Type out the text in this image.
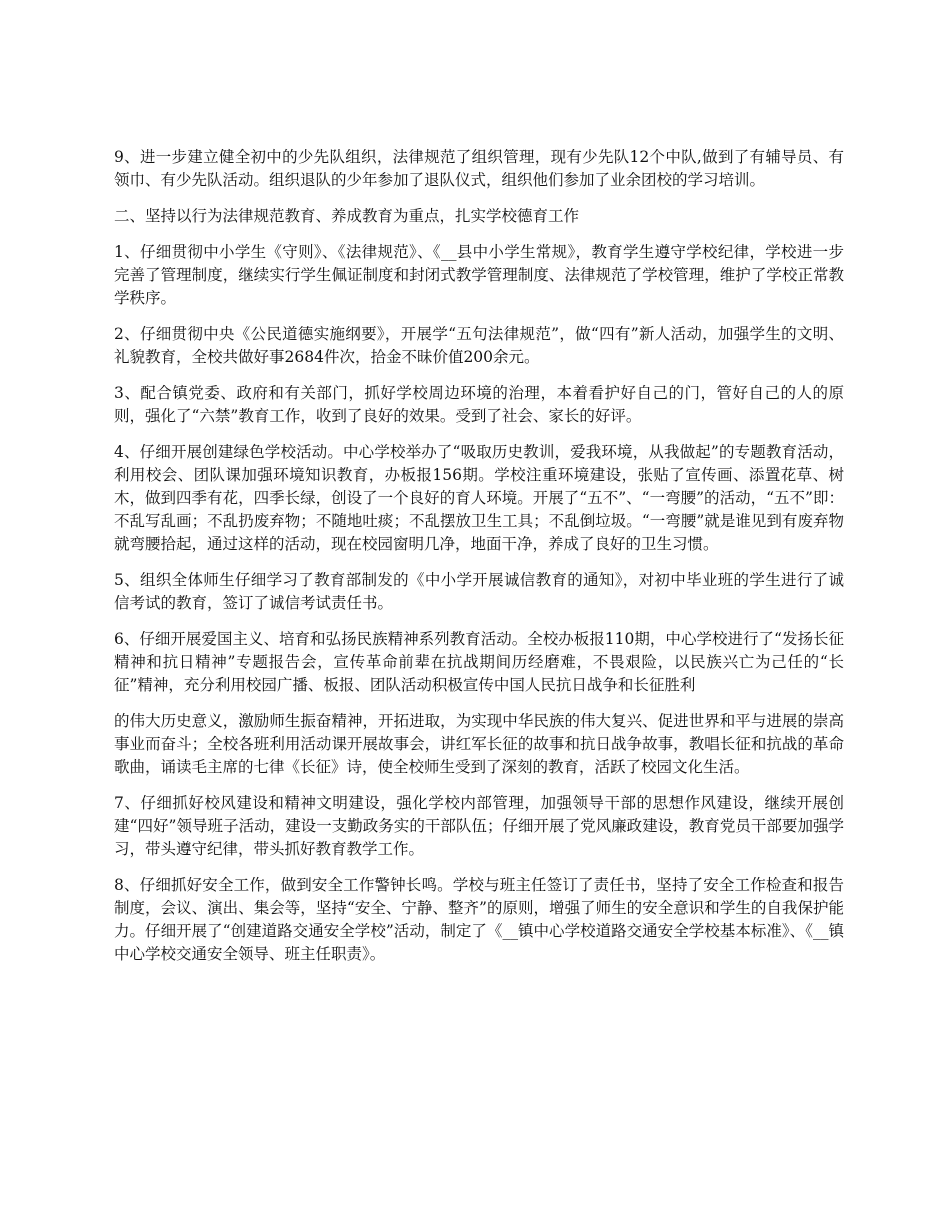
9、进一步建立健全初中的少先队组织，法律规范了组织管理，现有少先队12个中队,做到了有辅导员、有领巾、有少先队活动。组织退队的少年参加了退队仪式，组织他们参加了业余团校的学习培训。

二、坚持以行为法律规范教育、养成教育为重点，扎实学校德育工作

1、仔细贯彻中小学生《守则》、《法律规范》、《__县中小学生常规》，教育学生遵守学校纪律，学校进一步完善了管理制度，继续实行学生佩证制度和封闭式教学管理制度、法律规范了学校管理，维护了学校正常教学秩序。

2、仔细贯彻中央《公民道德实施纲要》，开展学“五句法律规范”，做“四有”新人活动，加强学生的文明、礼貌教育，全校共做好事2684件次，拾金不昧价值200余元。

3、配合镇党委、政府和有关部门，抓好学校周边环境的治理，本着看护好自己的门，管好自己的人的原则，强化了“六禁”教育工作，收到了良好的效果。受到了社会、家长的好评。

4、仔细开展创建绿色学校活动。中心学校举办了“吸取历史教训，爱我环境，从我做起”的专题教育活动，利用校会、团队课加强环境知识教育，办板报156期。学校注重环境建设，张贴了宣传画、添置花草、树木，做到四季有花，四季长绿，创设了一个良好的育人环境。开展了“五不”、“一弯腰”的活动，“五不”即：不乱写乱画；不乱扔废弃物；不随地吐痰；不乱摆放卫生工具；不乱倒垃圾。“一弯腰”就是谁见到有废弃物就弯腰拾起，通过这样的活动，现在校园窗明几净，地面干净，养成了良好的卫生习惯。

5、组织全体师生仔细学习了教育部制发的《中小学开展诚信教育的通知》，对初中毕业班的学生进行了诚信考试的教育，签订了诚信考试责任书。

6、仔细开展爱国主义、培育和弘扬民族精神系列教育活动。全校办板报110期，中心学校进行了“发扬长征精神和抗日精神”专题报告会，宣传革命前辈在抗战期间历经磨难，不畏艰险，以民族兴亡为己任的“长征”精神，充分利用校园广播、板报、团队活动积极宣传中国人民抗日战争和长征胜利

的伟大历史意义，激励师生振奋精神，开拓进取，为实现中华民族的伟大复兴、促进世界和平与进展的崇高事业而奋斗；全校各班利用活动课开展故事会，讲红军长征的故事和抗日战争故事，教唱长征和抗战的革命歌曲，诵读毛主席的七律《长征》诗，使全校师生受到了深刻的教育，活跃了校园文化生活。

7、仔细抓好校风建设和精神文明建设，强化学校内部管理，加强领导干部的思想作风建设，继续开展创建“四好”领导班子活动，建设一支勤政务实的干部队伍；仔细开展了党风廉政建设，教育党员干部要加强学习，带头遵守纪律，带头抓好教育教学工作。

8、仔细抓好安全工作，做到安全工作警钟长鸣。学校与班主任签订了责任书，坚持了安全工作检查和报告制度，会议、演出、集会等，坚持“安全、宁静、整齐”的原则，增强了师生的安全意识和学生的自我保护能力。仔细开展了“创建道路交通安全学校”活动，制定了《__镇中心学校道路交通安全学校基本标准》、《__镇中心学校交通安全领导、班主任职责》。
